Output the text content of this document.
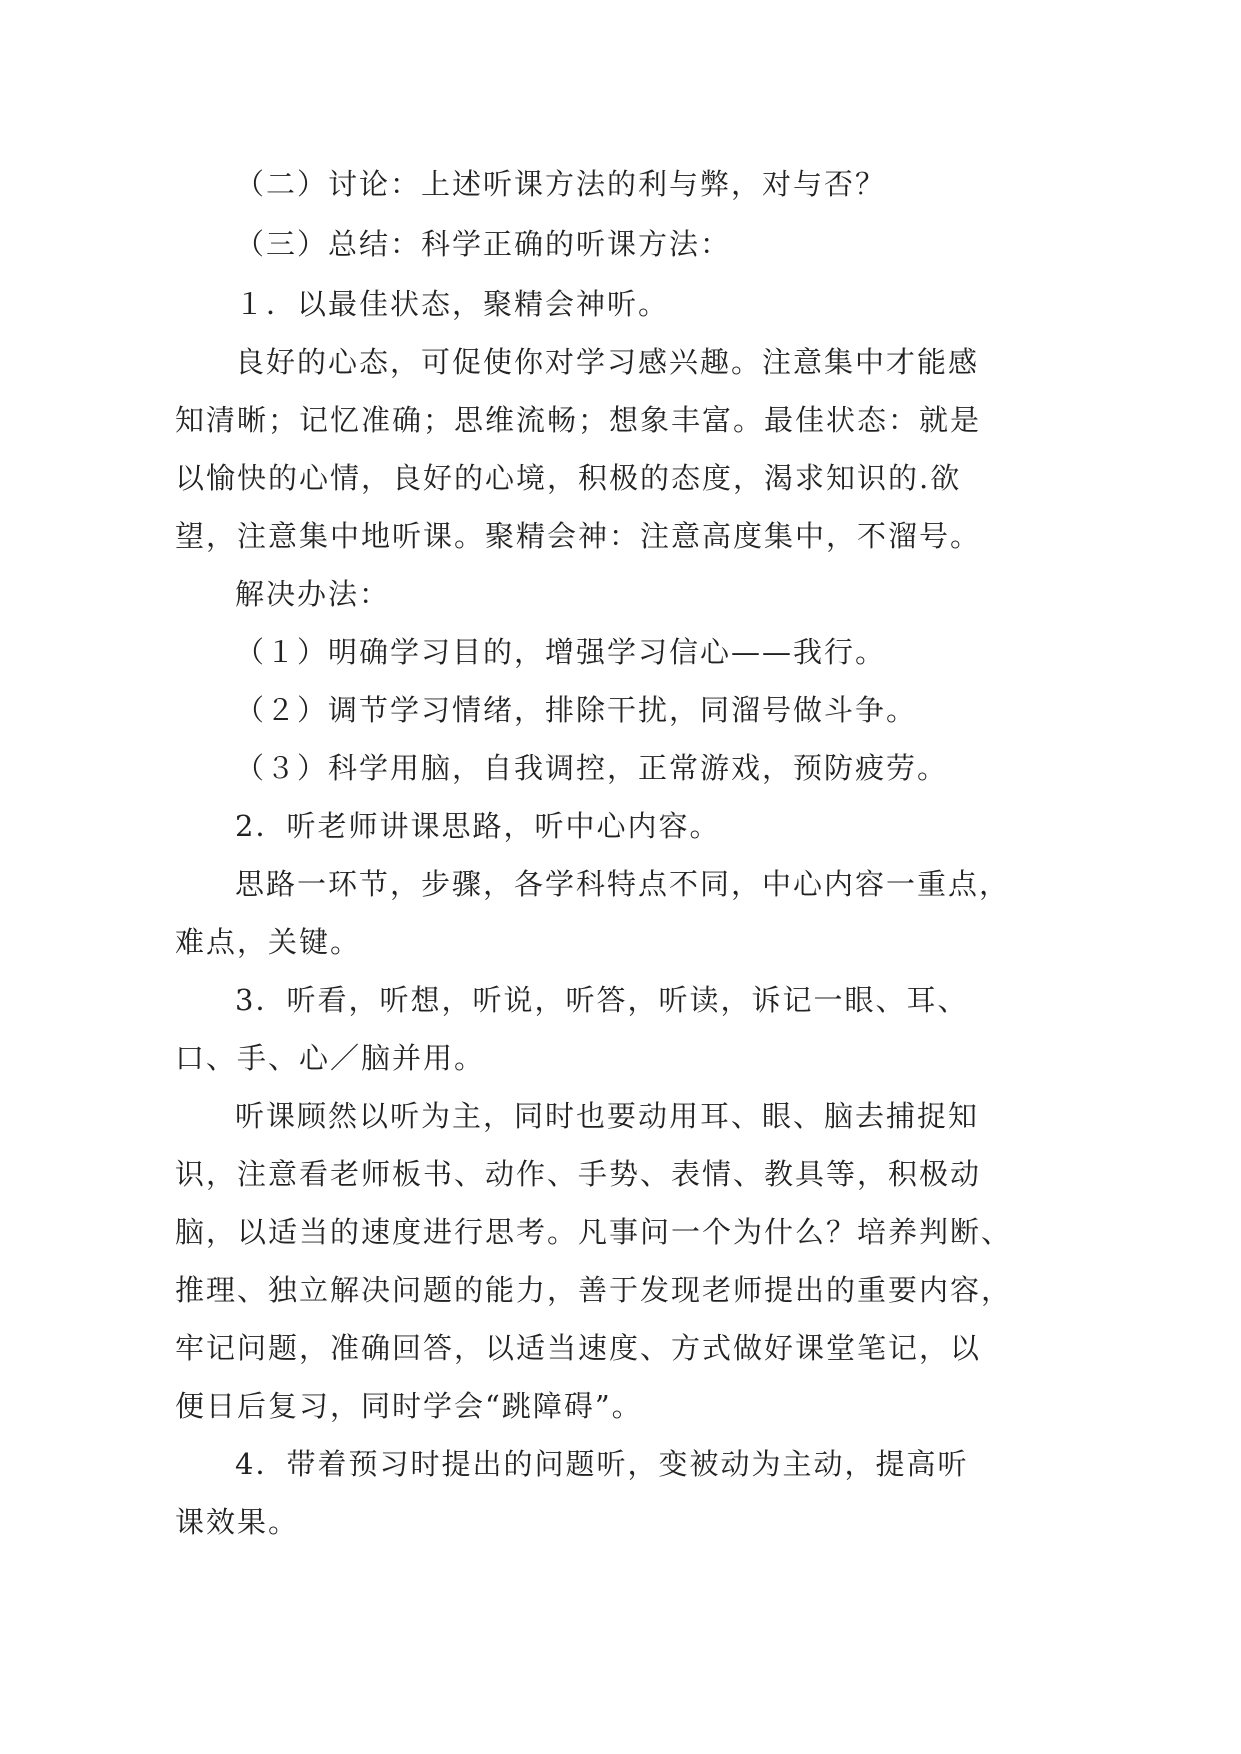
（二）讨论：上述听课方法的利与弊，对与否？
（三）总结：科学正确的听课方法：
１．以最佳状态，聚精会神听。
良好的心态，可促使你对学习感兴趣。注意集中才能感
知清晰；记忆准确；思维流畅；想象丰富。最佳状态：就是
以愉快的心情，良好的心境，积极的态度，渴求知识的.欲
望，注意集中地听课。聚精会神：注意高度集中，不溜号。
解决办法：
（１）明确学习目的，增强学习信心——我行。
（２）调节学习情绪，排除干扰，同溜号做斗争。
（３）科学用脑，自我调控，正常游戏，预防疲劳。
2．听老师讲课思路，听中心内容。
思路一环节，步骤，各学科特点不同，中心内容一重点，
难点，关键。
3．听看，听想，听说，听答，听读，诉记一眼、耳、
口、手、心／脑并用。
听课顾然以听为主，同时也要动用耳、眼、脑去捕捉知
识，注意看老师板书、动作、手势、表情、教具等，积极动
脑，以适当的速度进行思考。凡事问一个为什么？培养判断、
推理、独立解决问题的能力，善于发现老师提出的重要内容，
牢记问题，准确回答，以适当速度、方式做好课堂笔记，以
便日后复习，同时学会“跳障碍”。
4．带着预习时提出的问题听，变被动为主动，提高听
课效果。
